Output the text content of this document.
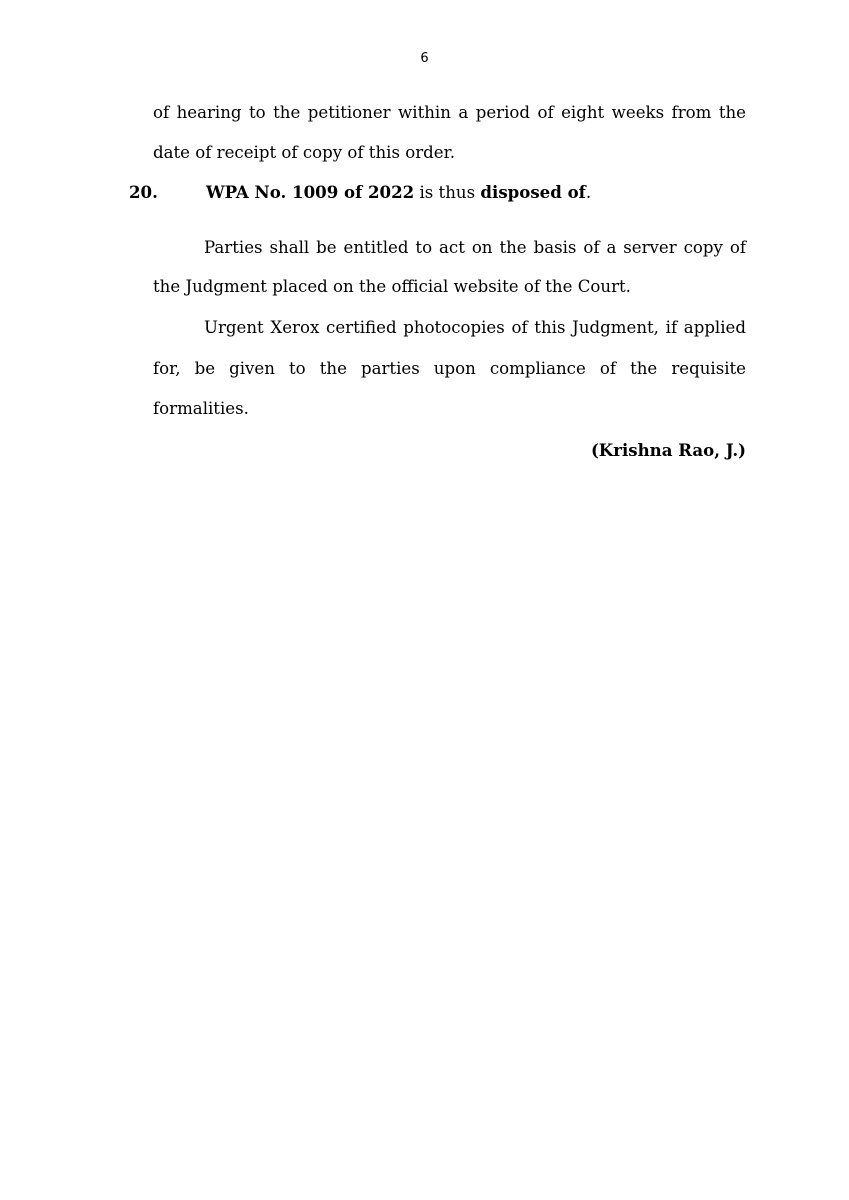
6
of hearing to the petitioner within a period of eight weeks from the
date of receipt of copy of this order.
20.	WPA No. 1009 of 2022 is thus disposed of.
Parties shall be entitled to act on the basis of a server copy of
the Judgment placed on the official website of the Court.
Urgent Xerox certified photocopies of this Judgment, if applied
for, be given to the parties upon compliance of the requisite
formalities.
(Krishna Rao, J.)
